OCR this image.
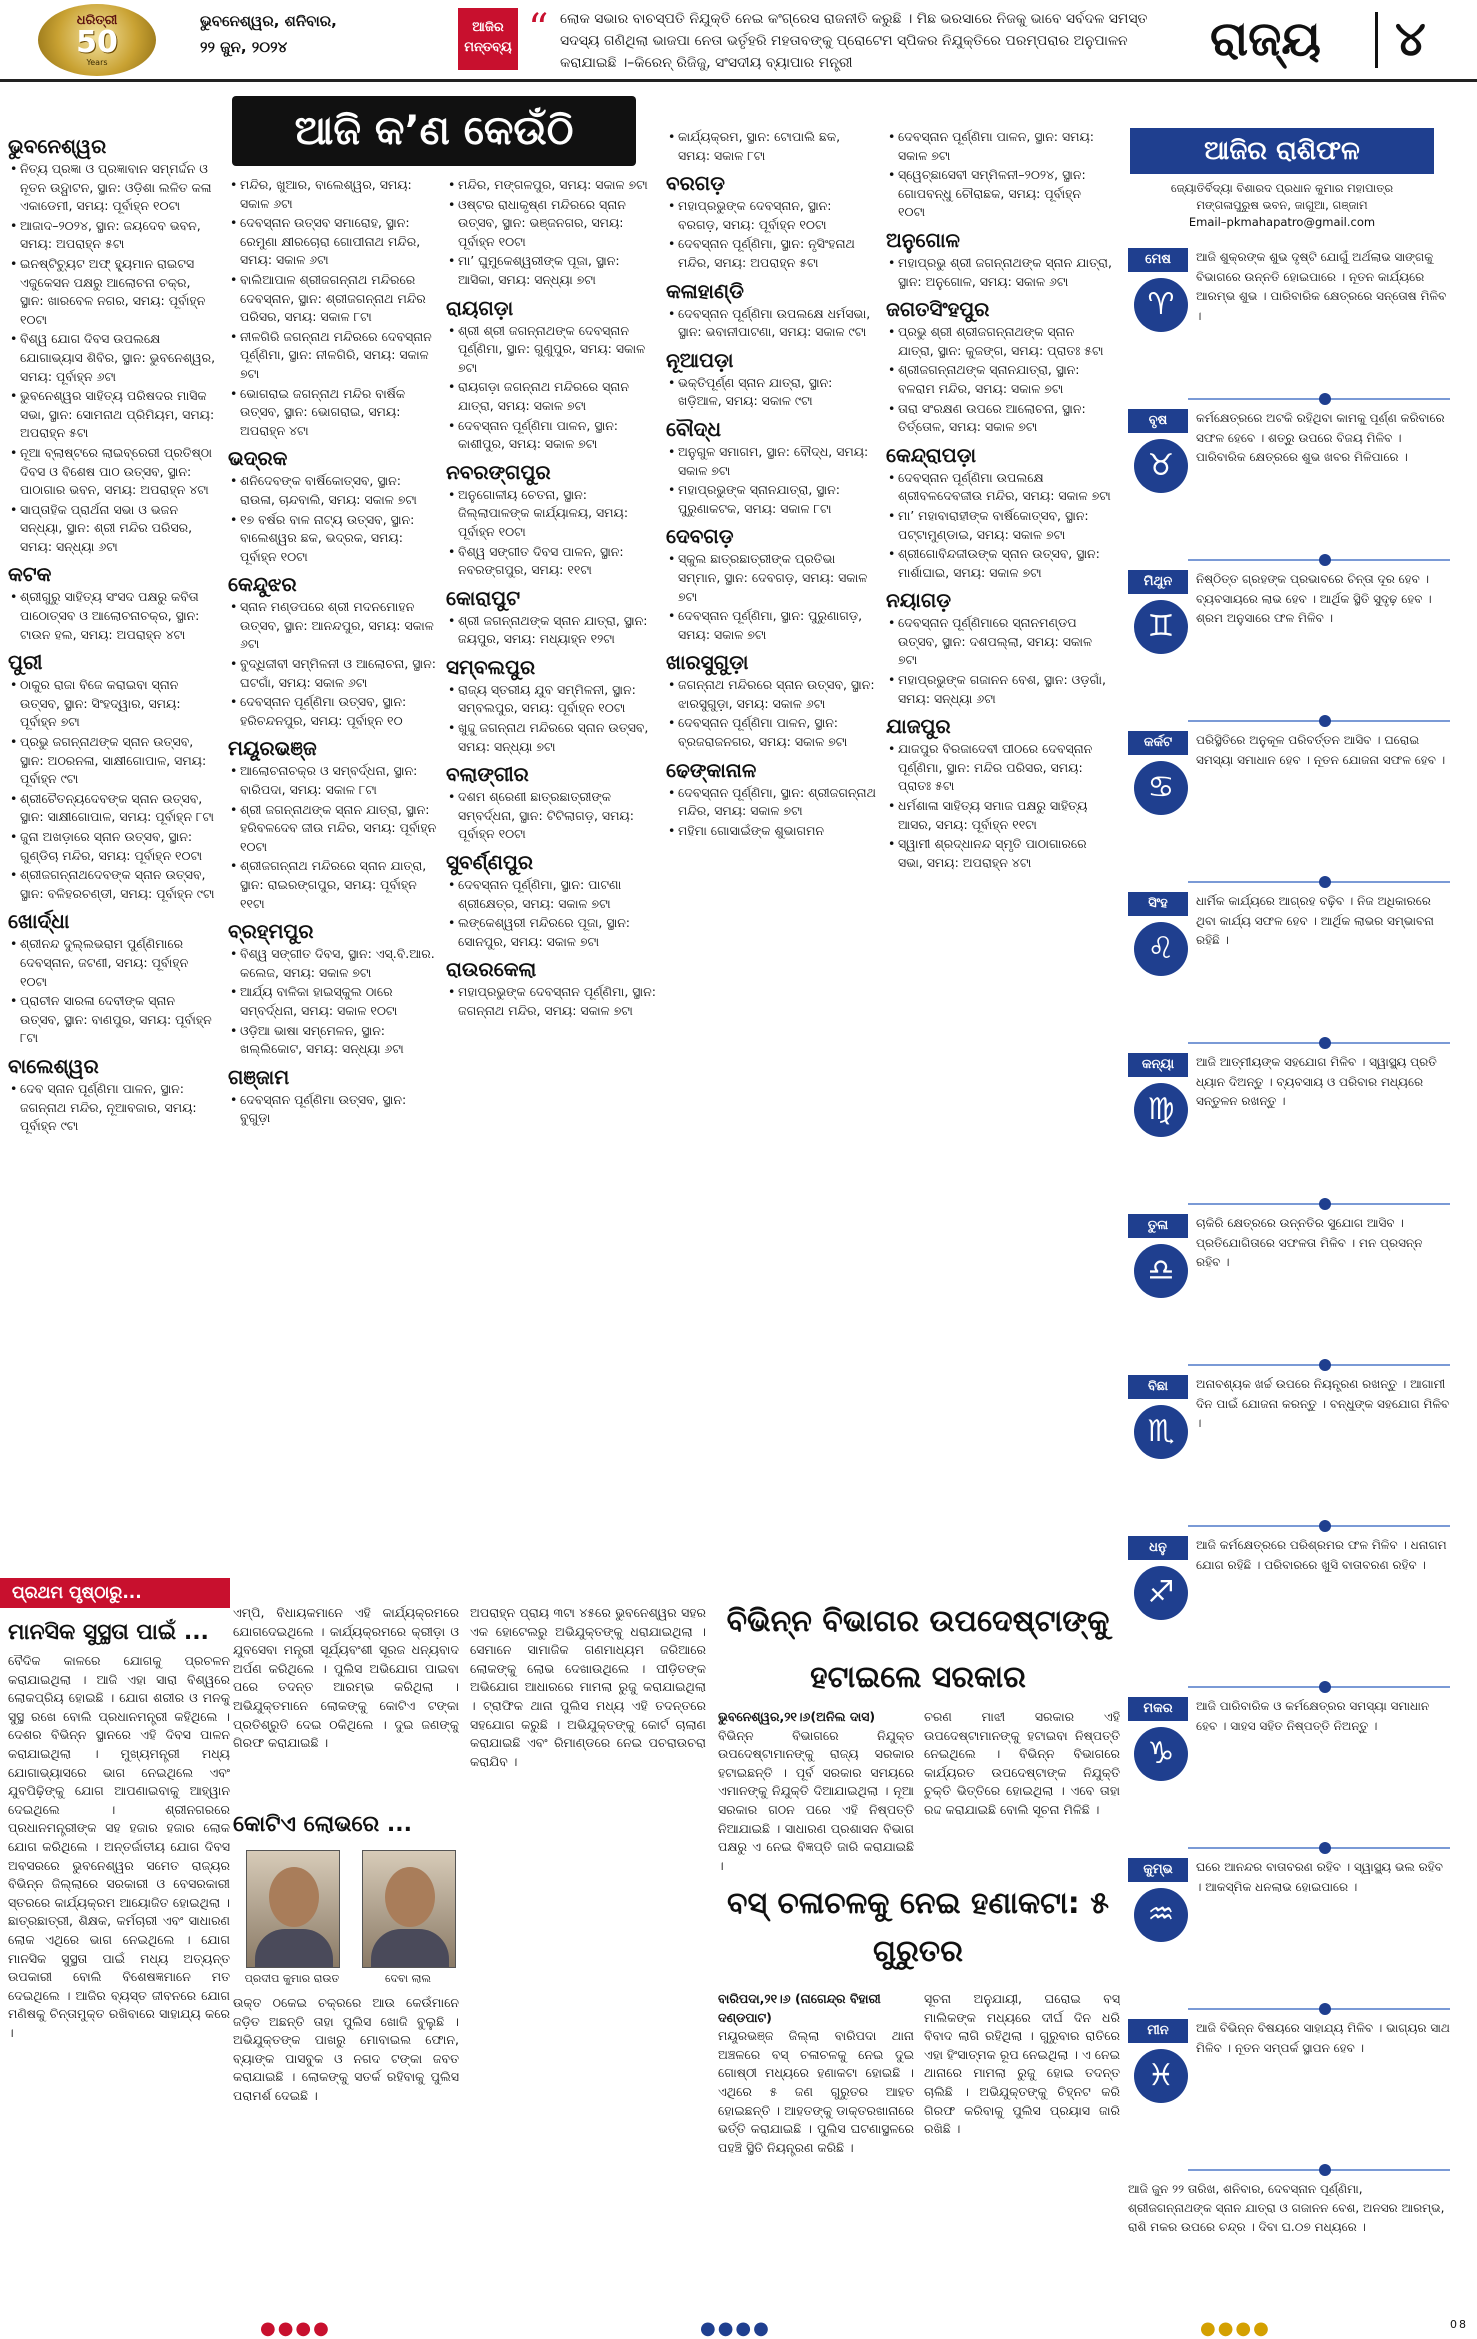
ଧରିତ୍ରୀ
50
Years
ଭୁବନେଶ୍ୱର, ଶନିବାର,
୨୨ ଜୁନ, ୨୦୨୪
ଆଜିର ମନ୍ତବ୍ୟ “ ଲୋକ ସଭାର ବାଚସ୍ପତି ନିଯୁକ୍ତି ନେଇ କଂଗ୍ରେସ ରାଜନୀତି କରୁଛି । ମିଛ ଭରସାରେ ନିଜକୁ ଭାବେ ସର୍ବଦଳ ସମସ୍ତ ସଦସ୍ୟ ଗଣିଥିଲା ଭାଜପା ନେତା ଭର୍ତୃହରି ମହତାବଙ୍କୁ ପ୍ରୋଟେମ ସ୍ପିକର ନିଯୁକ୍ତିରେ ପରମ୍ପରାର ଅନୁପାଳନ କରାଯାଇଛି ।–କିରେନ୍ ରିଜିଜୁ, ସଂସଦୀୟ ବ୍ୟାପାର ମନ୍ତ୍ରୀ	ରାଜ୍ୟ ୪
ଆଜି କ’ଣ କେଉଁଠି
ଭୁବନେଶ୍ୱର
• ନିତ୍ୟ ପ୍ରଜ୍ଞା ଓ ପ୍ରଜ୍ଞାବାନ ସମ୍ମର୍ଦ୍ଦନ ଓ ନୂତନ ଉଦ୍ଘାଟନ, ସ୍ଥାନ: ଓଡ଼ିଶା ଲଳିତ କଳା ଏକାଡେମୀ, ସମୟ: ପୂର୍ବାହ୍ନ ୧୦ଟା
• ଆଜାଦ–୨୦୨୪, ସ୍ଥାନ: ଜୟଦେବ ଭବନ, ସମୟ: ଅପରାହ୍ନ ୫ଟା
• ଇନଷ୍ଟିଚ୍ୟୁଟ ଅଫ୍ ହ୍ୟୁମାନ ରାଇଟସ ଏଜୁକେସନ ପକ୍ଷରୁ ଆଲୋଚନା ଚକ୍ର, ସ୍ଥାନ: ଖାରବେଳ ନଗର, ସମୟ: ପୂର୍ବାହ୍ନ ୧୦ଟା
• ବିଶ୍ୱ ଯୋଗ ଦିବସ ଉପଲକ୍ଷେ ଯୋଗାଭ୍ୟାସ ଶିବିର, ସ୍ଥାନ: ଭୁବନେଶ୍ୱର, ସମୟ: ପୂର୍ବାହ୍ନ ୬ଟା
• ଭୁବନେଶ୍ୱର ସାହିତ୍ୟ ପରିଷଦର ମାସିକ ସଭା, ସ୍ଥାନ: ସୋମନାଥ ପ୍ରିମିୟମ, ସମୟ: ଅପରାହ୍ନ ୫ଟା
• ନୂଆ ବ୍ଲାଷ୍ଟରେ ଲାଇବ୍ରେରୀ ପ୍ରତିଷ୍ଠା ଦିବସ ଓ ବିଶେଷ ପାଠ ଉତ୍ସବ, ସ୍ଥାନ: ପାଠାଗାର ଭବନ, ସମୟ: ଅପରାହ୍ନ ୪ଟା
• ସାପ୍ତାହିକ ପ୍ରାର୍ଥନା ସଭା ଓ ଭଜନ ସନ୍ଧ୍ୟା, ସ୍ଥାନ: ଶ୍ରୀ ମନ୍ଦିର ପରିସର, ସମୟ: ସନ୍ଧ୍ୟା ୬ଟା
କଟକ
• ଶ୍ରୀଗୁରୁ ସାହିତ୍ୟ ସଂସଦ ପକ୍ଷରୁ କବିତା ପାଠୋତ୍ସବ ଓ ଆଲୋଚନାଚକ୍ର, ସ୍ଥାନ: ଟାଉନ ହଲ, ସମୟ: ଅପରାହ୍ନ ୪ଟା
ପୁରୀ
• ଠାକୁର ରାଜା ବିଜେ କରାଇବା ସ୍ନାନ ଉତ୍ସବ, ସ୍ଥାନ: ସିଂହଦ୍ୱାର, ସମୟ: ପୂର୍ବାହ୍ନ ୭ଟା
• ପ୍ରଭୁ ଜଗନ୍ନାଥଙ୍କ ସ୍ନାନ ଉତ୍ସବ, ସ୍ଥାନ: ଅଠରନଳା, ସାକ୍ଷୀଗୋପାଳ, ସମୟ: ପୂର୍ବାହ୍ନ ୯ଟା
• ଶ୍ରୀଚୈତନ୍ୟଦେବଙ୍କ ସ୍ନାନ ଉତ୍ସବ, ସ୍ଥାନ: ସାକ୍ଷୀଗୋପାଳ, ସମୟ: ପୂର୍ବାହ୍ନ ୮ଟା
• ଜୁନା ଅଖଡ଼ାରେ ସ୍ନାନ ଉତ୍ସବ, ସ୍ଥାନ: ଗୁଣ୍ଡିଚା ମନ୍ଦିର, ସମୟ: ପୂର୍ବାହ୍ନ ୧୦ଟା
• ଶ୍ରୀଜଗନ୍ନାଥଦେବଙ୍କ ସ୍ନାନ ଉତ୍ସବ, ସ୍ଥାନ: ବଳିହରଚଣ୍ଡୀ, ସମୟ: ପୂର୍ବାହ୍ନ ୯ଟା
ଖୋର୍ଦ୍ଧା
• ଶ୍ରୀନନ୍ଦ ଦୁଲ୍ଲଭରାମ ପୁର୍ଣ୍ଣିମାରେ ଦେବସ୍ନାନ, ଜଟଣୀ, ସମୟ: ପୂର୍ବାହ୍ନ ୧୦ଟା
• ପ୍ରାଚୀନ ସାରଳା ଦେବୀଙ୍କ ସ୍ନାନ ଉତ୍ସବ, ସ୍ଥାନ: ବାଣପୁର, ସମୟ: ପୂର୍ବାହ୍ନ ୮ଟା
ବାଲେଶ୍ୱର
• ଦେବ ସ୍ନାନ ପୂର୍ଣ୍ଣିମା ପାଳନ, ସ୍ଥାନ: ଜଗନ୍ନାଥ ମନ୍ଦିର, ନୂଆବଜାର, ସମୟ: ପୂର୍ବାହ୍ନ ୯ଟା
• ମନ୍ଦିର, ଖୁଆର, ବାଲେଶ୍ୱର, ସମୟ: ସକାଳ ୬ଟା
• ଦେବସ୍ନାନ ଉତ୍ସବ ସମାରୋହ, ସ୍ଥାନ: ରେମୁଣା କ୍ଷୀରଚୋରା ଗୋପୀନାଥ ମନ୍ଦିର, ସମୟ: ସକାଳ ୬ଟା
• ବାଲିଆପାଳ ଶ୍ରୀଜଗନ୍ନାଥ ମନ୍ଦିରରେ ଦେବସ୍ନାନ, ସ୍ଥାନ: ଶ୍ରୀଜଗନ୍ନାଥ ମନ୍ଦିର ପରିସର, ସମୟ: ସକାଳ ୮ଟା
• ନୀଳଗିରି ଜଗନ୍ନାଥ ମନ୍ଦିରରେ ଦେବସ୍ନାନ ପୂର୍ଣ୍ଣିମା, ସ୍ଥାନ: ନୀଳଗିରି, ସମୟ: ସକାଳ ୭ଟା
• ଭୋଗରାଇ ଜଗନ୍ନାଥ ମନ୍ଦିର ବାର୍ଷିକ ଉତ୍ସବ, ସ୍ଥାନ: ଭୋଗରାଇ, ସମୟ: ଅପରାହ୍ନ ୪ଟା
ଭଦ୍ରକ
• ଶନିଦେବଙ୍କ ବାର୍ଷିକୋତ୍ସବ, ସ୍ଥାନ: ରାଉଳା, ଚାନ୍ଦବାଲି, ସମୟ: ସକାଳ ୭ଟା
• ୧୭ ବର୍ଷର ବାଳ ନାଟ୍ୟ ଉତ୍ସବ, ସ୍ଥାନ: ବାଲେଶ୍ୱର ଛକ, ଭଦ୍ରକ, ସମୟ: ପୂର୍ବାହ୍ନ ୧୦ଟା
କେନ୍ଦୁଝର
• ସ୍ନାନ ମଣ୍ଡପରେ ଶ୍ରୀ ମଦନମୋହନ ଉତ୍ସବ, ସ୍ଥାନ: ଆନନ୍ଦପୁର, ସମୟ: ସକାଳ ୬ଟା
• ବୁଦ୍ଧିଜୀବୀ ସମ୍ମିଳନୀ ଓ ଆଲୋଚନା, ସ୍ଥାନ: ଘଟଗାଁ, ସମୟ: ସକାଳ ୬ଟା
• ଦେବସ୍ନାନ ପୂର୍ଣ୍ଣିମା ଉତ୍ସବ, ସ୍ଥାନ: ହରିଚନ୍ଦନପୁର, ସମୟ: ପୂର୍ବାହ୍ନ ୧୦
ମୟୂରଭଞ୍ଜ
• ଆଲୋଚନାଚକ୍ର ଓ ସମ୍ବର୍ଦ୍ଧନା, ସ୍ଥାନ: ବାରିପଦା, ସମୟ: ସକାଳ ୮ଟା
• ଶ୍ରୀ ଜଗନ୍ନାଥଙ୍କ ସ୍ନାନ ଯାତ୍ରା, ସ୍ଥାନ: ହରିବଳଦେବ ଜୀଉ ମନ୍ଦିର, ସମୟ: ପୂର୍ବାହ୍ନ ୧୦ଟା
• ଶ୍ରୀଜଗନ୍ନାଥ ମନ୍ଦିରରେ ସ୍ନାନ ଯାତ୍ରା, ସ୍ଥାନ: ରାଇରଙ୍ଗପୁର, ସମୟ: ପୂର୍ବାହ୍ନ ୧୧ଟା
ବ୍ରହ୍ମପୁର
• ବିଶ୍ୱ ସଙ୍ଗୀତ ଦିବସ, ସ୍ଥାନ: ଏସ୍.ବି.ଆର. କଲେଜ, ସମୟ: ସକାଳ ୭ଟା
• ଆର୍ଯ୍ୟ ବାଳିକା ହାଇସ୍କୁଲ ଠାରେ ସମ୍ବର୍ଦ୍ଧନା, ସମୟ: ସକାଳ ୧୦ଟା
• ଓଡ଼ିଆ ଭାଷା ସମ୍ମେଳନ, ସ୍ଥାନ: ଖଲ୍ଲିକୋଟ, ସମୟ: ସନ୍ଧ୍ୟା ୬ଟା
ଗଞ୍ଜାମ
• ଦେବସ୍ନାନ ପୂର୍ଣ୍ଣିମା ଉତ୍ସବ, ସ୍ଥାନ: ବୁଗୁଡ଼ା
• ମନ୍ଦିର, ମଙ୍ଗଳପୁର, ସମୟ: ସକାଳ ୭ଟା
• ଓଷ୍ଟର ରାଧାକୃଷ୍ଣ ମନ୍ଦିରରେ ସ୍ନାନ ଉତ୍ସବ, ସ୍ଥାନ: ଭଞ୍ଜନଗର, ସମୟ: ପୂର୍ବାହ୍ନ ୧୦ଟା
• ମା’ ଘୁମୁକେଶ୍ୱରୀଙ୍କ ପୂଜା, ସ୍ଥାନ: ଆସିକା, ସମୟ: ସନ୍ଧ୍ୟା ୭ଟା
ରାୟଗଡ଼ା
• ଶ୍ରୀ ଶ୍ରୀ ଜଗନ୍ନାଥଙ୍କ ଦେବସ୍ନାନ ପୂର୍ଣ୍ଣିମା, ସ୍ଥାନ: ଗୁଣୁପୁର, ସମୟ: ସକାଳ ୭ଟା
• ରାୟଗଡ଼ା ଜଗନ୍ନାଥ ମନ୍ଦିରରେ ସ୍ନାନ ଯାତ୍ରା, ସମୟ: ସକାଳ ୭ଟା
• ଦେବସ୍ନାନ ପୂର୍ଣ୍ଣିମା ପାଳନ, ସ୍ଥାନ: କାଶୀପୁର, ସମୟ: ସକାଳ ୭ଟା
ନବରଙ୍ଗପୁର
• ଅନୁଗୋଳୀୟ ଚେତନା, ସ୍ଥାନ: ଜିଲ୍ଲାପାଳଙ୍କ କାର୍ଯ୍ୟାଳୟ, ସମୟ: ପୂର୍ବାହ୍ନ ୧୦ଟା
• ବିଶ୍ୱ ସଙ୍ଗୀତ ଦିବସ ପାଳନ, ସ୍ଥାନ: ନବରଙ୍ଗପୁର, ସମୟ: ୧୧ଟା
କୋରାପୁଟ
• ଶ୍ରୀ ଜଗନ୍ନାଥଙ୍କ ସ୍ନାନ ଯାତ୍ରା, ସ୍ଥାନ: ଜୟପୁର, ସମୟ: ମଧ୍ୟାହ୍ନ ୧୨ଟା
ସମ୍ବଲପୁର
• ରାଜ୍ୟ ସ୍ତରୀୟ ଯୁବ ସମ୍ମିଳନୀ, ସ୍ଥାନ: ସମ୍ବଲପୁର, ସମୟ: ପୂର୍ବାହ୍ନ ୧୦ଟା
• ଖୁଦ୍ଦୁ ଜଗନ୍ନାଥ ମନ୍ଦିରରେ ସ୍ନାନ ଉତ୍ସବ, ସମୟ: ସନ୍ଧ୍ୟା ୭ଟା
ବଲାଙ୍ଗୀର
• ଦଶମ ଶ୍ରେଣୀ ଛାତ୍ରଛାତ୍ରୀଙ୍କ ସମ୍ବର୍ଦ୍ଧନା, ସ୍ଥାନ: ଟିଟିଲାଗଡ଼, ସମୟ: ପୂର୍ବାହ୍ନ ୧୦ଟା
ସୁବର୍ଣ୍ଣପୁର
• ଦେବସ୍ନାନ ପୂର୍ଣ୍ଣିମା, ସ୍ଥାନ: ପାଟଣା ଶ୍ରୀକ୍ଷେତ୍ର, ସମୟ: ସକାଳ ୭ଟା
• ଲଙ୍କେଶ୍ୱରୀ ମନ୍ଦିରରେ ପୂଜା, ସ୍ଥାନ: ସୋନପୁର, ସମୟ: ସକାଳ ୭ଟା
ରାଉରକେଲା
• ମହାପ୍ରଭୁଙ୍କ ଦେବସ୍ନାନ ପୂର୍ଣ୍ଣିମା, ସ୍ଥାନ: ଜଗନ୍ନାଥ ମନ୍ଦିର, ସମୟ: ସକାଳ ୭ଟା
• କାର୍ଯ୍ୟକ୍ରମ, ସ୍ଥାନ: ଟୋପାଲି ଛକ, ସମୟ: ସକାଳ ୮ଟା
ବରଗଡ଼
• ମହାପ୍ରଭୁଙ୍କ ଦେବସ୍ନାନ, ସ୍ଥାନ: ବରଗଡ଼, ସମୟ: ପୂର୍ବାହ୍ନ ୧୦ଟା
• ଦେବସ୍ନାନ ପୂର୍ଣ୍ଣିମା, ସ୍ଥାନ: ନୃସିଂହନାଥ ମନ୍ଦିର, ସମୟ: ଅପରାହ୍ନ ୫ଟା
କଳାହାଣ୍ଡି
• ଦେବସ୍ନାନ ପୂର୍ଣ୍ଣିମା ଉପଲକ୍ଷେ ଧର୍ମସଭା, ସ୍ଥାନ: ଭବାନୀପାଟଣା, ସମୟ: ସକାଳ ୯ଟା
ନୂଆପଡ଼ା
• ଭକ୍ତିପୂର୍ଣ୍ଣ ସ୍ନାନ ଯାତ୍ରା, ସ୍ଥାନ: ଖଡ଼ିଆଳ, ସମୟ: ସକାଳ ୯ଟା
ବୌଦ୍ଧ
• ଅନୁଗୁଳ ସମାଗମ, ସ୍ଥାନ: ବୌଦ୍ଧ, ସମୟ: ସକାଳ ୭ଟା
• ମହାପ୍ରଭୁଙ୍କ ସ୍ନାନଯାତ୍ରା, ସ୍ଥାନ: ପୁରୁଣାକଟକ, ସମୟ: ସକାଳ ୮ଟା
ଦେବଗଡ଼
• ସ୍କୁଲ ଛାତ୍ରଛାତ୍ରୀଙ୍କ ପ୍ରତିଭା ସମ୍ମାନ, ସ୍ଥାନ: ଦେବଗଡ଼, ସମୟ: ସକାଳ ୭ଟା
• ଦେବସ୍ନାନ ପୂର୍ଣ୍ଣିମା, ସ୍ଥାନ: ପୁରୁଣାଗଡ଼, ସମୟ: ସକାଳ ୭ଟା
ଖାରସୁଗୁଡ଼ା
• ଜଗନ୍ନାଥ ମନ୍ଦିରରେ ସ୍ନାନ ଉତ୍ସବ, ସ୍ଥାନ: ଝାରସୁଗୁଡ଼ା, ସମୟ: ସକାଳ ୬ଟା
• ଦେବସ୍ନାନ ପୂର୍ଣ୍ଣିମା ପାଳନ, ସ୍ଥାନ: ବ୍ରଜରାଜନଗର, ସମୟ: ସକାଳ ୭ଟା
ଢେଙ୍କାନାଳ
• ଦେବସ୍ନାନ ପୂର୍ଣ୍ଣିମା, ସ୍ଥାନ: ଶ୍ରୀଜଗନ୍ନାଥ ମନ୍ଦିର, ସମୟ: ସକାଳ ୭ଟା
• ମହିମା ଗୋସାଇଁଙ୍କ ଶୁଭାଗମନ
• ଦେବସ୍ନାନ ପୂର୍ଣ୍ଣିମା ପାଳନ, ସ୍ଥାନ: ସମୟ: ସକାଳ ୭ଟା
• ସ୍ୱେଚ୍ଛାସେବୀ ସମ୍ମିଳନୀ–୨୦୨୪, ସ୍ଥାନ: ଗୋପବନ୍ଧୁ ଚୌରାଛକ, ସମୟ: ପୂର୍ବାହ୍ନ ୧୦ଟା
ଅନୁଗୋଳ
• ମହାପ୍ରଭୁ ଶ୍ରୀ ଜଗନ୍ନାଥଙ୍କ ସ୍ନାନ ଯାତ୍ରା, ସ୍ଥାନ: ଅନୁଗୋଳ, ସମୟ: ସକାଳ ୬ଟା
ଜଗତସିଂହପୁର
• ପ୍ରଭୁ ଶ୍ରୀ ଶ୍ରୀଜଗନ୍ନାଥଙ୍କ ସ୍ନାନ ଯାତ୍ରା, ସ୍ଥାନ: କୁଜଙ୍ଗ, ସମୟ: ପ୍ରାତଃ ୫ଟା
• ଶ୍ରୀଜଗନ୍ନାଥଙ୍କ ସ୍ନାନଯାତ୍ରା, ସ୍ଥାନ: ବଳରାମ ମନ୍ଦିର, ସମୟ: ସକାଳ ୭ଟା
• ତାରା ସଂରକ୍ଷଣ ଉପରେ ଆଲୋଚନା, ସ୍ଥାନ: ତିର୍ତ୍ତୋଳ, ସମୟ: ସକାଳ ୭ଟା
କେନ୍ଦ୍ରାପଡ଼ା
• ଦେବସ୍ନାନ ପୂର୍ଣ୍ଣିମା ଉପଲକ୍ଷେ ଶ୍ରୀବଳଦେବଜୀଉ ମନ୍ଦିର, ସମୟ: ସକାଳ ୭ଟା
• ମା’ ମହାବାରାହୀଙ୍କ ବାର୍ଷିକୋତ୍ସବ, ସ୍ଥାନ: ପଟ୍ଟାମୁଣ୍ଡାଇ, ସମୟ: ସକାଳ ୭ଟା
• ଶ୍ରୀଗୋବିନ୍ଦଜୀଉଙ୍କ ସ୍ନାନ ଉତ୍ସବ, ସ୍ଥାନ: ମାର୍ଶାଘାଇ, ସମୟ: ସକାଳ ୭ଟା
ନୟାଗଡ଼
• ଦେବସ୍ନାନ ପୂର୍ଣ୍ଣିମାରେ ସ୍ନାନମଣ୍ଡପ ଉତ୍ସବ, ସ୍ଥାନ: ଦଶପଲ୍ଲା, ସମୟ: ସକାଳ ୭ଟା
• ମହାପ୍ରଭୁଙ୍କ ଗଜାନନ ବେଶ, ସ୍ଥାନ: ଓଡ଼ଗାଁ, ସମୟ: ସନ୍ଧ୍ୟା ୬ଟା
ଯାଜପୁର
• ଯାଜପୁର ବିରଜାଦେବୀ ପୀଠରେ ଦେବସ୍ନାନ ପୂର୍ଣ୍ଣିମା, ସ୍ଥାନ: ମନ୍ଦିର ପରିସର, ସମୟ: ପ୍ରାତଃ ୫ଟା
• ଧର୍ମଶାଳା ସାହିତ୍ୟ ସମାଜ ପକ୍ଷରୁ ସାହିତ୍ୟ ଆସର, ସମୟ: ପୂର୍ବାହ୍ନ ୧୧ଟା
• ସ୍ୱାମୀ ଶ୍ରଦ୍ଧାନନ୍ଦ ସ୍ମୃତି ପାଠାଗାରରେ ସଭା, ସମୟ: ଅପରାହ୍ନ ୪ଟା
ଆଜିର ରାଶିଫଳ
ଜ୍ୟୋତିର୍ବିଦ୍ୟା ବିଶାରଦ ପ୍ରଧାନ କୁମାର ମହାପାତ୍ର
ମଙ୍ଗଳାପୁରୁଷ ଭବନ, ଜାଗୁଆ, ଗଞ୍ଜାମ
Email–pkmahapatro@gmail.com
ମେଷ
♈
ଆଜି ଶୁକ୍ରଙ୍କ ଶୁଭ ଦୃଷ୍ଟି ଯୋଗୁଁ ଅର୍ଥଲାଭ ସାଙ୍ଗକୁ ବିଭାଗରେ ଉନ୍ନତି ହୋଇପାରେ । ନୂତନ କାର୍ଯ୍ୟରେ ଆରମ୍ଭ ଶୁଭ । ପାରିବାରିକ କ୍ଷେତ୍ରରେ ସନ୍ତୋଷ ମିଳିବ ।
ବୃଷ
♉
କର୍ମକ୍ଷେତ୍ରରେ ଅଟକି ରହିଥିବା କାମକୁ ପୂର୍ଣ୍ଣ କରିବାରେ ସଫଳ ହେବେ । ଶତ୍ରୁ ଉପରେ ବିଜୟ ମିଳିବ । ପାରିବାରିକ କ୍ଷେତ୍ରରେ ଶୁଭ ଖବର ମିଳିପାରେ ।
ମିଥୁନ
♊
ନିଷ୍ଠିତ୍ତ ଗ୍ରହଙ୍କ ପ୍ରଭାବରେ ଚିନ୍ତା ଦୂର ହେବ । ବ୍ୟବସାୟରେ ଲାଭ ହେବ । ଆର୍ଥିକ ସ୍ଥିତି ସୁଦୃଢ଼ ହେବ । ଶ୍ରମ ଅନୁସାରେ ଫଳ ମିଳିବ ।
କର୍କଟ
♋
ପରିସ୍ଥିତିରେ ଅନୁକୂଳ ପରିବର୍ତ୍ତନ ଆସିବ । ଘରୋଇ ସମସ୍ୟା ସମାଧାନ ହେବ । ନୂତନ ଯୋଜନା ସଫଳ ହେବ ।
ସିଂହ
♌
ଧାର୍ମିକ କାର୍ଯ୍ୟରେ ଆଗ୍ରହ ବଢ଼ିବ । ନିଜ ଅଧିକାରରେ ଥିବା କାର୍ଯ୍ୟ ସଫଳ ହେବ । ଆର୍ଥିକ ଲାଭର ସମ୍ଭାବନା ରହିଛି ।
କନ୍ୟା
♍
ଆଜି ଆତ୍ମୀୟଙ୍କ ସହଯୋଗ ମିଳିବ । ସ୍ୱାସ୍ଥ୍ୟ ପ୍ରତି ଧ୍ୟାନ ଦିଅନ୍ତୁ । ବ୍ୟବସାୟ ଓ ପରିବାର ମଧ୍ୟରେ ସନ୍ତୁଳନ ରଖନ୍ତୁ ।
ତୁଳା
♎
ଚାକିରି କ୍ଷେତ୍ରରେ ଉନ୍ନତିର ସୁଯୋଗ ଆସିବ । ପ୍ରତିଯୋଗିତାରେ ସଫଳତା ମିଳିବ । ମନ ପ୍ରସନ୍ନ ରହିବ ।
ବିଛା
♏
ଅନାବଶ୍ୟକ ଖର୍ଚ୍ଚ ଉପରେ ନିୟନ୍ତ୍ରଣ ରଖନ୍ତୁ । ଆଗାମୀ ଦିନ ପାଇଁ ଯୋଜନା କରନ୍ତୁ । ବନ୍ଧୁଙ୍କ ସହଯୋଗ ମିଳିବ ।
ଧନୁ
♐
ଆଜି କର୍ମକ୍ଷେତ୍ରରେ ପରିଶ୍ରମର ଫଳ ମିଳିବ । ଧନାଗମ ଯୋଗ ରହିଛି । ପରିବାରରେ ଖୁସି ବାତାବରଣ ରହିବ ।
ମକର
♑
ଆଜି ପାରିବାରିକ ଓ କର୍ମକ୍ଷେତ୍ରର ସମସ୍ୟା ସମାଧାନ ହେବ । ସାହସ ସହିତ ନିଷ୍ପତ୍ତି ନିଅନ୍ତୁ ।
କୁମ୍ଭ
♒
ଘରେ ଆନନ୍ଦର ବାତାବରଣ ରହିବ । ସ୍ୱାସ୍ଥ୍ୟ ଭଲ ରହିବ । ଆକସ୍ମିକ ଧନଲାଭ ହୋଇପାରେ ।
ମୀନ
♓
ଆଜି ବିଭିନ୍ନ ବିଷୟରେ ସାହାଯ୍ୟ ମିଳିବ । ଭାଗ୍ୟର ସାଥ ମିଳିବ । ନୂତନ ସମ୍ପର୍କ ସ୍ଥାପନ ହେବ ।
ଆଜି ଜୁନ ୨୨ ତାରିଖ, ଶନିବାର, ଦେବସ୍ନାନ ପୂର୍ଣ୍ଣିମା, ଶ୍ରୀଜଗନ୍ନାଥଙ୍କ ସ୍ନାନ ଯାତ୍ରା ଓ ଗଜାନନ ବେଶ, ଅନସର ଆରମ୍ଭ, ରାଶି ମକର ଉପରେ ଚନ୍ଦ୍ର । ଦିବା ଘ.୦୭ ମଧ୍ୟରେ ।
ପ୍ରଥମ ପୃଷ୍ଠାରୁ...
ମାନସିକ ସୁସ୍ଥତା ପାଇଁ ...
ବୈଦିକ କାଳରେ ଯୋଗକୁ ପ୍ରଚଳନ କରାଯାଇଥିଲା । ଆଜି ଏହା ସାରା ବିଶ୍ୱରେ ଲୋକପ୍ରିୟ ହୋଇଛି । ଯୋଗ ଶରୀର ଓ ମନକୁ ସୁସ୍ଥ ରଖେ ବୋଲି ପ୍ରଧାନମନ୍ତ୍ରୀ କହିଥିଲେ । ଦେଶର ବିଭିନ୍ନ ସ୍ଥାନରେ ଏହି ଦିବସ ପାଳନ କରାଯାଇଥିଲା । ମୁଖ୍ୟମନ୍ତ୍ରୀ ମଧ୍ୟ ଯୋଗାଭ୍ୟାସରେ ଭାଗ ନେଇଥିଲେ ଏବଂ ଯୁବପିଢ଼ିଙ୍କୁ ଯୋଗ ଆପଣାଇବାକୁ ଆହ୍ୱାନ ଦେଇଥିଲେ । ଶ୍ରୀନଗରରେ ପ୍ରଧାନମନ୍ତ୍ରୀଙ୍କ ସହ ହଜାର ହଜାର ଲୋକ ଯୋଗ କରିଥିଲେ । ଅନ୍ତର୍ଜାତୀୟ ଯୋଗ ଦିବସ ଅବସରରେ ଭୁବନେଶ୍ୱର ସମେତ ରାଜ୍ୟର ବିଭିନ୍ନ ଜିଲ୍ଲାରେ ସରକାରୀ ଓ ବେସରକାରୀ ସ୍ତରରେ କାର୍ଯ୍ୟକ୍ରମ ଆୟୋଜିତ ହୋଇଥିଲା । ଛାତ୍ରଛାତ୍ରୀ, ଶିକ୍ଷକ, କର୍ମଚାରୀ ଏବଂ ସାଧାରଣ ଲୋକ ଏଥିରେ ଭାଗ ନେଇଥିଲେ । ଯୋଗ ମାନସିକ ସୁସ୍ଥତା ପାଇଁ ମଧ୍ୟ ଅତ୍ୟନ୍ତ ଉପକାରୀ ବୋଲି ବିଶେଷଜ୍ଞମାନେ ମତ ଦେଇଥିଲେ । ଆଜିର ବ୍ୟସ୍ତ ଜୀବନରେ ଯୋଗ ମଣିଷକୁ ଚିନ୍ତାମୁକ୍ତ ରଖିବାରେ ସାହାଯ୍ୟ କରେ ।
ଏମ୍ପି, ବିଧାୟକମାନେ ଏହି କାର୍ଯ୍ୟକ୍ରମରେ ଯୋଗଦେଇଥିଲେ । କାର୍ଯ୍ୟକ୍ରମରେ କ୍ରୀଡ଼ା ଓ ଯୁବସେବା ମନ୍ତ୍ରୀ ସୂର୍ଯ୍ୟବଂଶୀ ସୂରଜ ଧନ୍ୟବାଦ ଅର୍ପଣ କରିଥିଲେ । ପୁଲିସ ଅଭିଯୋଗ ପାଇବା ପରେ ତଦନ୍ତ ଆରମ୍ଭ କରିଥିଲା । ଅଭିଯୁକ୍ତମାନେ ଲୋକଙ୍କୁ କୋଟିଏ ଟଙ୍କା ପ୍ରତିଶ୍ରୁତି ଦେଇ ଠକିଥିଲେ । ଦୁଇ ଜଣଙ୍କୁ ଗିରଫ କରାଯାଇଛି ।
କୋଟିଏ ଲୋଭରେ ...
ପ୍ରଦୀପ କୁମାର ରାଉତ	ଦେବା ଲାଲ
ଉକ୍ତ ଠକେଇ ଚକ୍ରରେ ଆଉ କେଉଁମାନେ ଜଡ଼ିତ ଅଛନ୍ତି ତାହା ପୁଲିସ ଖୋଜି ବୁଲୁଛି । ଅଭିଯୁକ୍ତଙ୍କ ପାଖରୁ ମୋବାଇଲ ଫୋନ, ବ୍ୟାଙ୍କ ପାସବୁକ ଓ ନଗଦ ଟଙ୍କା ଜବତ କରାଯାଇଛି । ଲୋକଙ୍କୁ ସତର୍କ ରହିବାକୁ ପୁଲିସ ପରାମର୍ଶ ଦେଇଛି ।
ଅପରାହ୍ନ ପ୍ରାୟ ୩ଟା ୪୫ରେ ଭୁବନେଶ୍ୱର ସହର ଏକ ହୋଟେଲରୁ ଅଭିଯୁକ୍ତଙ୍କୁ ଧରାଯାଇଥିଲା । ସେମାନେ ସାମାଜିକ ଗଣମାଧ୍ୟମ ଜରିଆରେ ଲୋକଙ୍କୁ ଲୋଭ ଦେଖାଉଥିଲେ । ପୀଡ଼ିତଙ୍କ ଅଭିଯୋଗ ଆଧାରରେ ମାମଲା ରୁଜୁ କରାଯାଇଥିଲା । ଟ୍ରାଫିକ ଥାନା ପୁଲିସ ମଧ୍ୟ ଏହି ତଦନ୍ତରେ ସହଯୋଗ କରୁଛି । ଅଭିଯୁକ୍ତଙ୍କୁ କୋର୍ଟ ଚାଲାଣ କରାଯାଇଛି ଏବଂ ରିମାଣ୍ଡରେ ନେଇ ପଚରାଉଚରା କରାଯିବ ।
ବିଭିନ୍ନ ବିଭାଗର ଉପଦେଷ୍ଟାଙ୍କୁ ହଟାଇଲେ ସରକାର
ଭୁବନେଶ୍ୱର,୨୧।୬(ଅନିଲ ଦାସ)
ବିଭିନ୍ନ ବିଭାଗରେ ନିଯୁକ୍ତ ଉପଦେଷ୍ଟାମାନଙ୍କୁ ରାଜ୍ୟ ସରକାର ହଟାଇଛନ୍ତି । ପୂର୍ବ ସରକାର ସମୟରେ ଏମାନଙ୍କୁ ନିଯୁକ୍ତି ଦିଆଯାଇଥିଲା । ନୂଆ ସରକାର ଗଠନ ପରେ ଏହି ନିଷ୍ପତ୍ତି ନିଆଯାଇଛି । ସାଧାରଣ ପ୍ରଶାସନ ବିଭାଗ ପକ୍ଷରୁ ଏ ନେଇ ବିଜ୍ଞପ୍ତି ଜାରି କରାଯାଇଛି ।
ଚରଣ ମାଝୀ ସରକାର ଏହି ଉପଦେଷ୍ଟାମାନଙ୍କୁ ହଟାଇବା ନିଷ୍ପତ୍ତି ନେଇଥିଲେ । ବିଭିନ୍ନ ବିଭାଗରେ କାର୍ଯ୍ୟରତ ଉପଦେଷ୍ଟାଙ୍କ ନିଯୁକ୍ତି ଚୁକ୍ତି ଭିତ୍ତିରେ ହୋଇଥିଲା । ଏବେ ତାହା ରଦ୍ଦ କରାଯାଇଛି ବୋଲି ସୂଚନା ମିଳିଛି ।
ବସ୍ ଚଳାଚଳକୁ ନେଇ ହଣାକଟା: ୫ ଗୁରୁତର
ବାରିପଦା,୨୧।୬ (ନାଗେନ୍ଦ୍ର ବିହାରୀ ଦଣ୍ଡପାଟ)
ମୟୂରଭଞ୍ଜ ଜିଲ୍ଲା ବାରିପଦା ଥାନା ଅଞ୍ଚଳରେ ବସ୍ ଚଳାଚଳକୁ ନେଇ ଦୁଇ ଗୋଷ୍ଠୀ ମଧ୍ୟରେ ହଣାକଟା ହୋଇଛି । ଏଥିରେ ୫ ଜଣ ଗୁରୁତର ଆହତ ହୋଇଛନ୍ତି । ଆହତଙ୍କୁ ଡାକ୍ତରଖାନାରେ ଭର୍ତ୍ତି କରାଯାଇଛି । ପୁଲିସ ଘଟଣାସ୍ଥଳରେ ପହଞ୍ଚି ସ୍ଥିତି ନିୟନ୍ତ୍ରଣ କରିଛି ।
ସୂଚନା ଅନୁଯାୟୀ, ଘରୋଇ ବସ୍ ମାଲିକଙ୍କ ମଧ୍ୟରେ ଦୀର୍ଘ ଦିନ ଧରି ବିବାଦ ଲାଗି ରହିଥିଲା । ଗୁରୁବାର ରାତିରେ ଏହା ହିଂସାତ୍ମକ ରୂପ ନେଇଥିଲା । ଏ ନେଇ ଥାନାରେ ମାମଲା ରୁଜୁ ହୋଇ ତଦନ୍ତ ଚାଲିଛି । ଅଭିଯୁକ୍ତଙ୍କୁ ଚିହ୍ନଟ କରି ଗିରଫ କରିବାକୁ ପୁଲିସ ପ୍ରୟାସ ଜାରି ରଖିଛି ।
●●●●	●●●●	●●●●	08
